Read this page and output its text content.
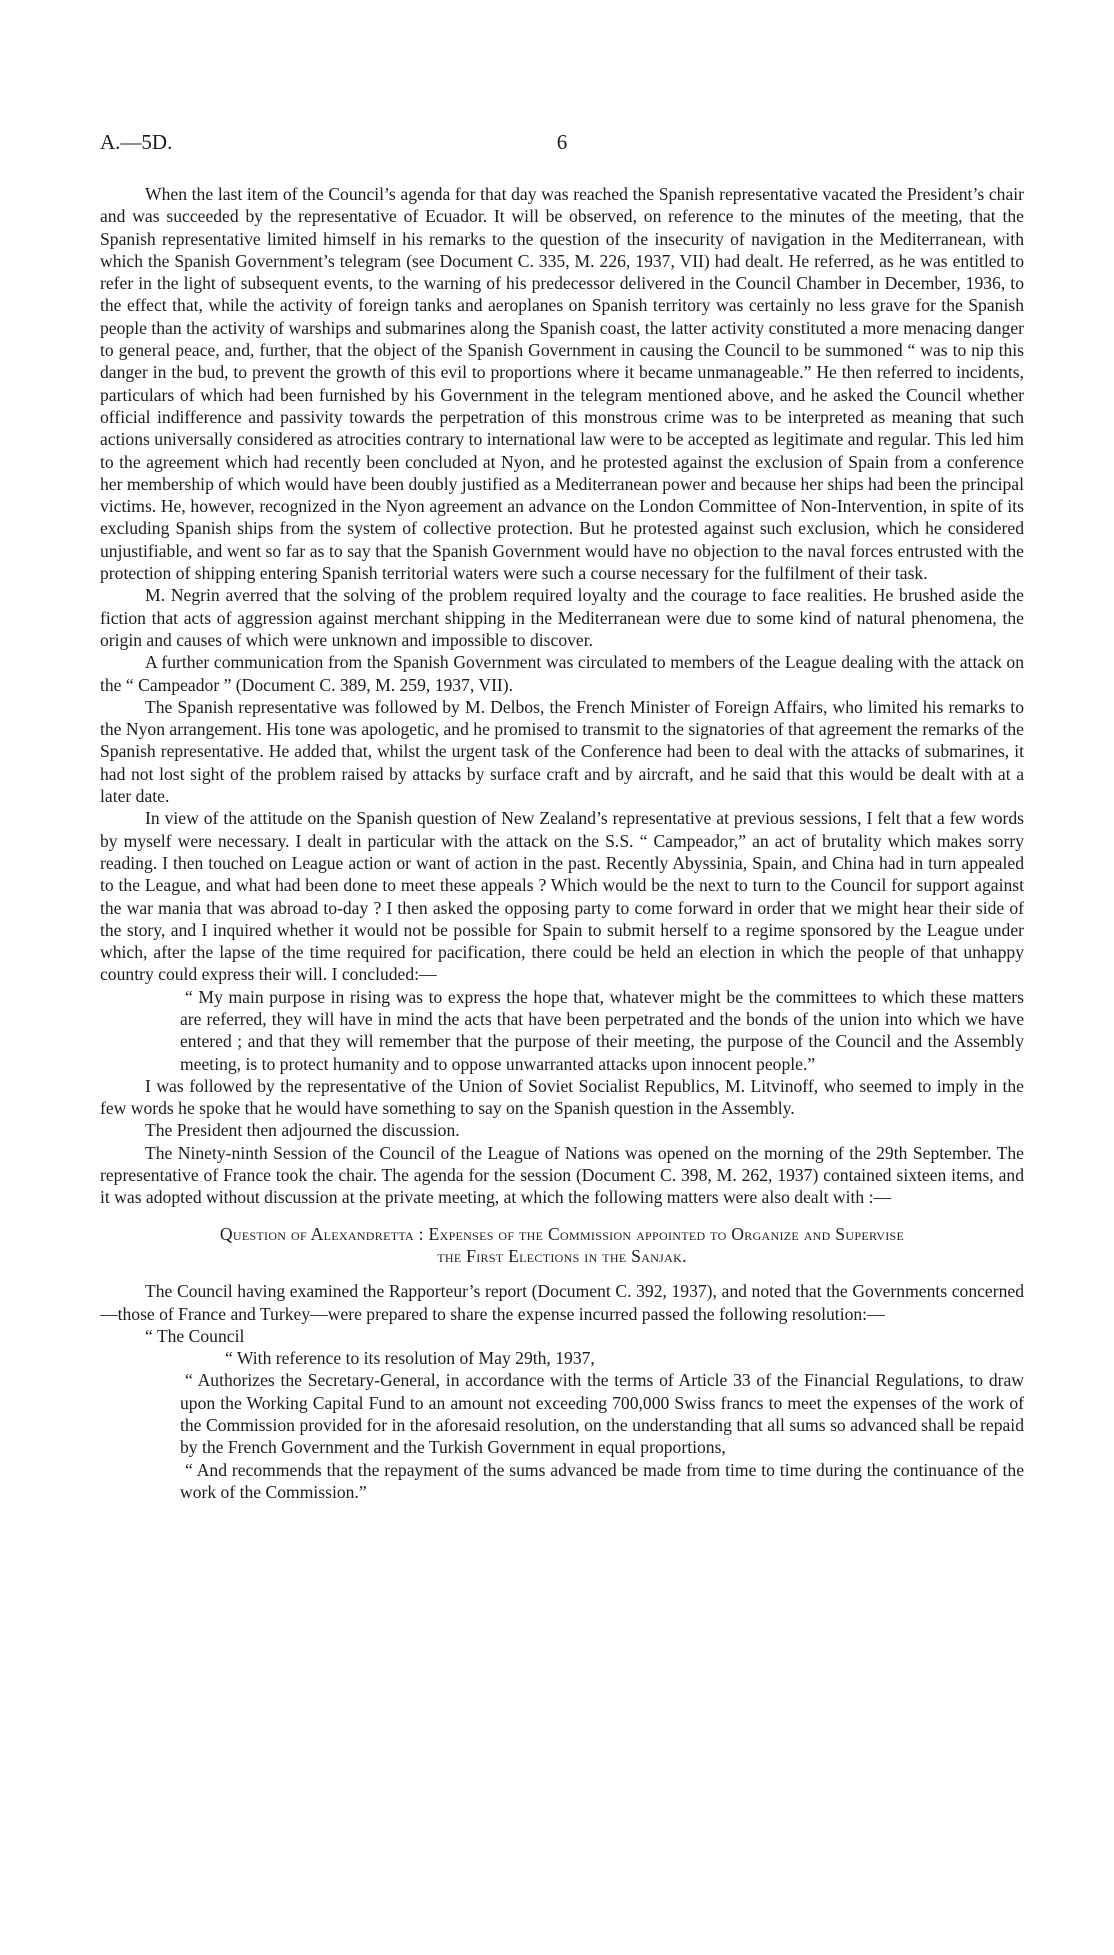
A.—5D.	6

When the last item of the Council’s agenda for that day was reached the Spanish representative vacated the President’s chair and was succeeded by the representative of Ecuador. It will be observed, on reference to the minutes of the meeting, that the Spanish representative limited himself in his remarks to the question of the insecurity of navigation in the Mediterranean, with which the Spanish Government’s telegram (see Document C. 335, M. 226, 1937, VII) had dealt. He referred, as he was entitled to refer in the light of subsequent events, to the warning of his predecessor delivered in the Council Chamber in December, 1936, to the effect that, while the activity of foreign tanks and aeroplanes on Spanish territory was certainly no less grave for the Spanish people than the activity of warships and submarines along the Spanish coast, the latter activity constituted a more menacing danger to general peace, and, further, that the object of the Spanish Government in causing the Council to be summoned “ was to nip this danger in the bud, to prevent the growth of this evil to proportions where it became unmanageable.” He then referred to incidents, particulars of which had been furnished by his Government in the telegram mentioned above, and he asked the Council whether official indifference and passivity towards the perpetration of this monstrous crime was to be interpreted as meaning that such actions universally considered as atrocities contrary to international law were to be accepted as legitimate and regular. This led him to the agreement which had recently been concluded at Nyon, and he protested against the exclusion of Spain from a conference her membership of which would have been doubly justified as a Mediterranean power and because her ships had been the principal victims. He, however, recognized in the Nyon agreement an advance on the London Committee of Non-Intervention, in spite of its excluding Spanish ships from the system of collective protection. But he protested against such exclusion, which he considered unjustifiable, and went so far as to say that the Spanish Government would have no objection to the naval forces entrusted with the protection of shipping entering Spanish territorial waters were such a course necessary for the fulfilment of their task.

M. Negrin averred that the solving of the problem required loyalty and the courage to face realities. He brushed aside the fiction that acts of aggression against merchant shipping in the Mediterranean were due to some kind of natural phenomena, the origin and causes of which were unknown and impossible to discover.

A further communication from the Spanish Government was circulated to members of the League dealing with the attack on the “ Campeador ” (Document C. 389, M. 259, 1937, VII).

The Spanish representative was followed by M. Delbos, the French Minister of Foreign Affairs, who limited his remarks to the Nyon arrangement. His tone was apologetic, and he promised to transmit to the signatories of that agreement the remarks of the Spanish representative. He added that, whilst the urgent task of the Conference had been to deal with the attacks of submarines, it had not lost sight of the problem raised by attacks by surface craft and by aircraft, and he said that this would be dealt with at a later date.

In view of the attitude on the Spanish question of New Zealand’s representative at previous sessions, I felt that a few words by myself were necessary. I dealt in particular with the attack on the S.S. “ Campeador,” an act of brutality which makes sorry reading. I then touched on League action or want of action in the past. Recently Abyssinia, Spain, and China had in turn appealed to the League, and what had been done to meet these appeals ? Which would be the next to turn to the Council for support against the war mania that was abroad to-day ? I then asked the opposing party to come forward in order that we might hear their side of the story, and I inquired whether it would not be possible for Spain to submit herself to a regime sponsored by the League under which, after the lapse of the time required for pacification, there could be held an election in which the people of that unhappy country could express their will. I concluded:—

“ My main purpose in rising was to express the hope that, whatever might be the committees to which these matters are referred, they will have in mind the acts that have been perpetrated and the bonds of the union into which we have entered ; and that they will remember that the purpose of their meeting, the purpose of the Council and the Assembly meeting, is to protect humanity and to oppose unwarranted attacks upon innocent people.”

I was followed by the representative of the Union of Soviet Socialist Republics, M. Litvinoff, who seemed to imply in the few words he spoke that he would have something to say on the Spanish question in the Assembly.

The President then adjourned the discussion.

The Ninety-ninth Session of the Council of the League of Nations was opened on the morning of the 29th September. The representative of France took the chair. The agenda for the session (Document C. 398, M. 262, 1937) contained sixteen items, and it was adopted without discussion at the private meeting, at which the following matters were also dealt with :—

Question of Alexandretta : Expenses of the Commission appointed to Organize and Supervise
the First Elections in the Sanjak.

The Council having examined the Rapporteur’s report (Document C. 392, 1937), and noted that the Governments concerned—those of France and Turkey—were prepared to share the expense incurred passed the following resolution:—

“ The Council

“ With reference to its resolution of May 29th, 1937,

“ Authorizes the Secretary-General, in accordance with the terms of Article 33 of the Financial Regulations, to draw upon the Working Capital Fund to an amount not exceeding 700,000 Swiss francs to meet the expenses of the work of the Commission provided for in the aforesaid resolution, on the understanding that all sums so advanced shall be repaid by the French Government and the Turkish Government in equal proportions,

“ And recommends that the repayment of the sums advanced be made from time to time during the continuance of the work of the Commission.”
